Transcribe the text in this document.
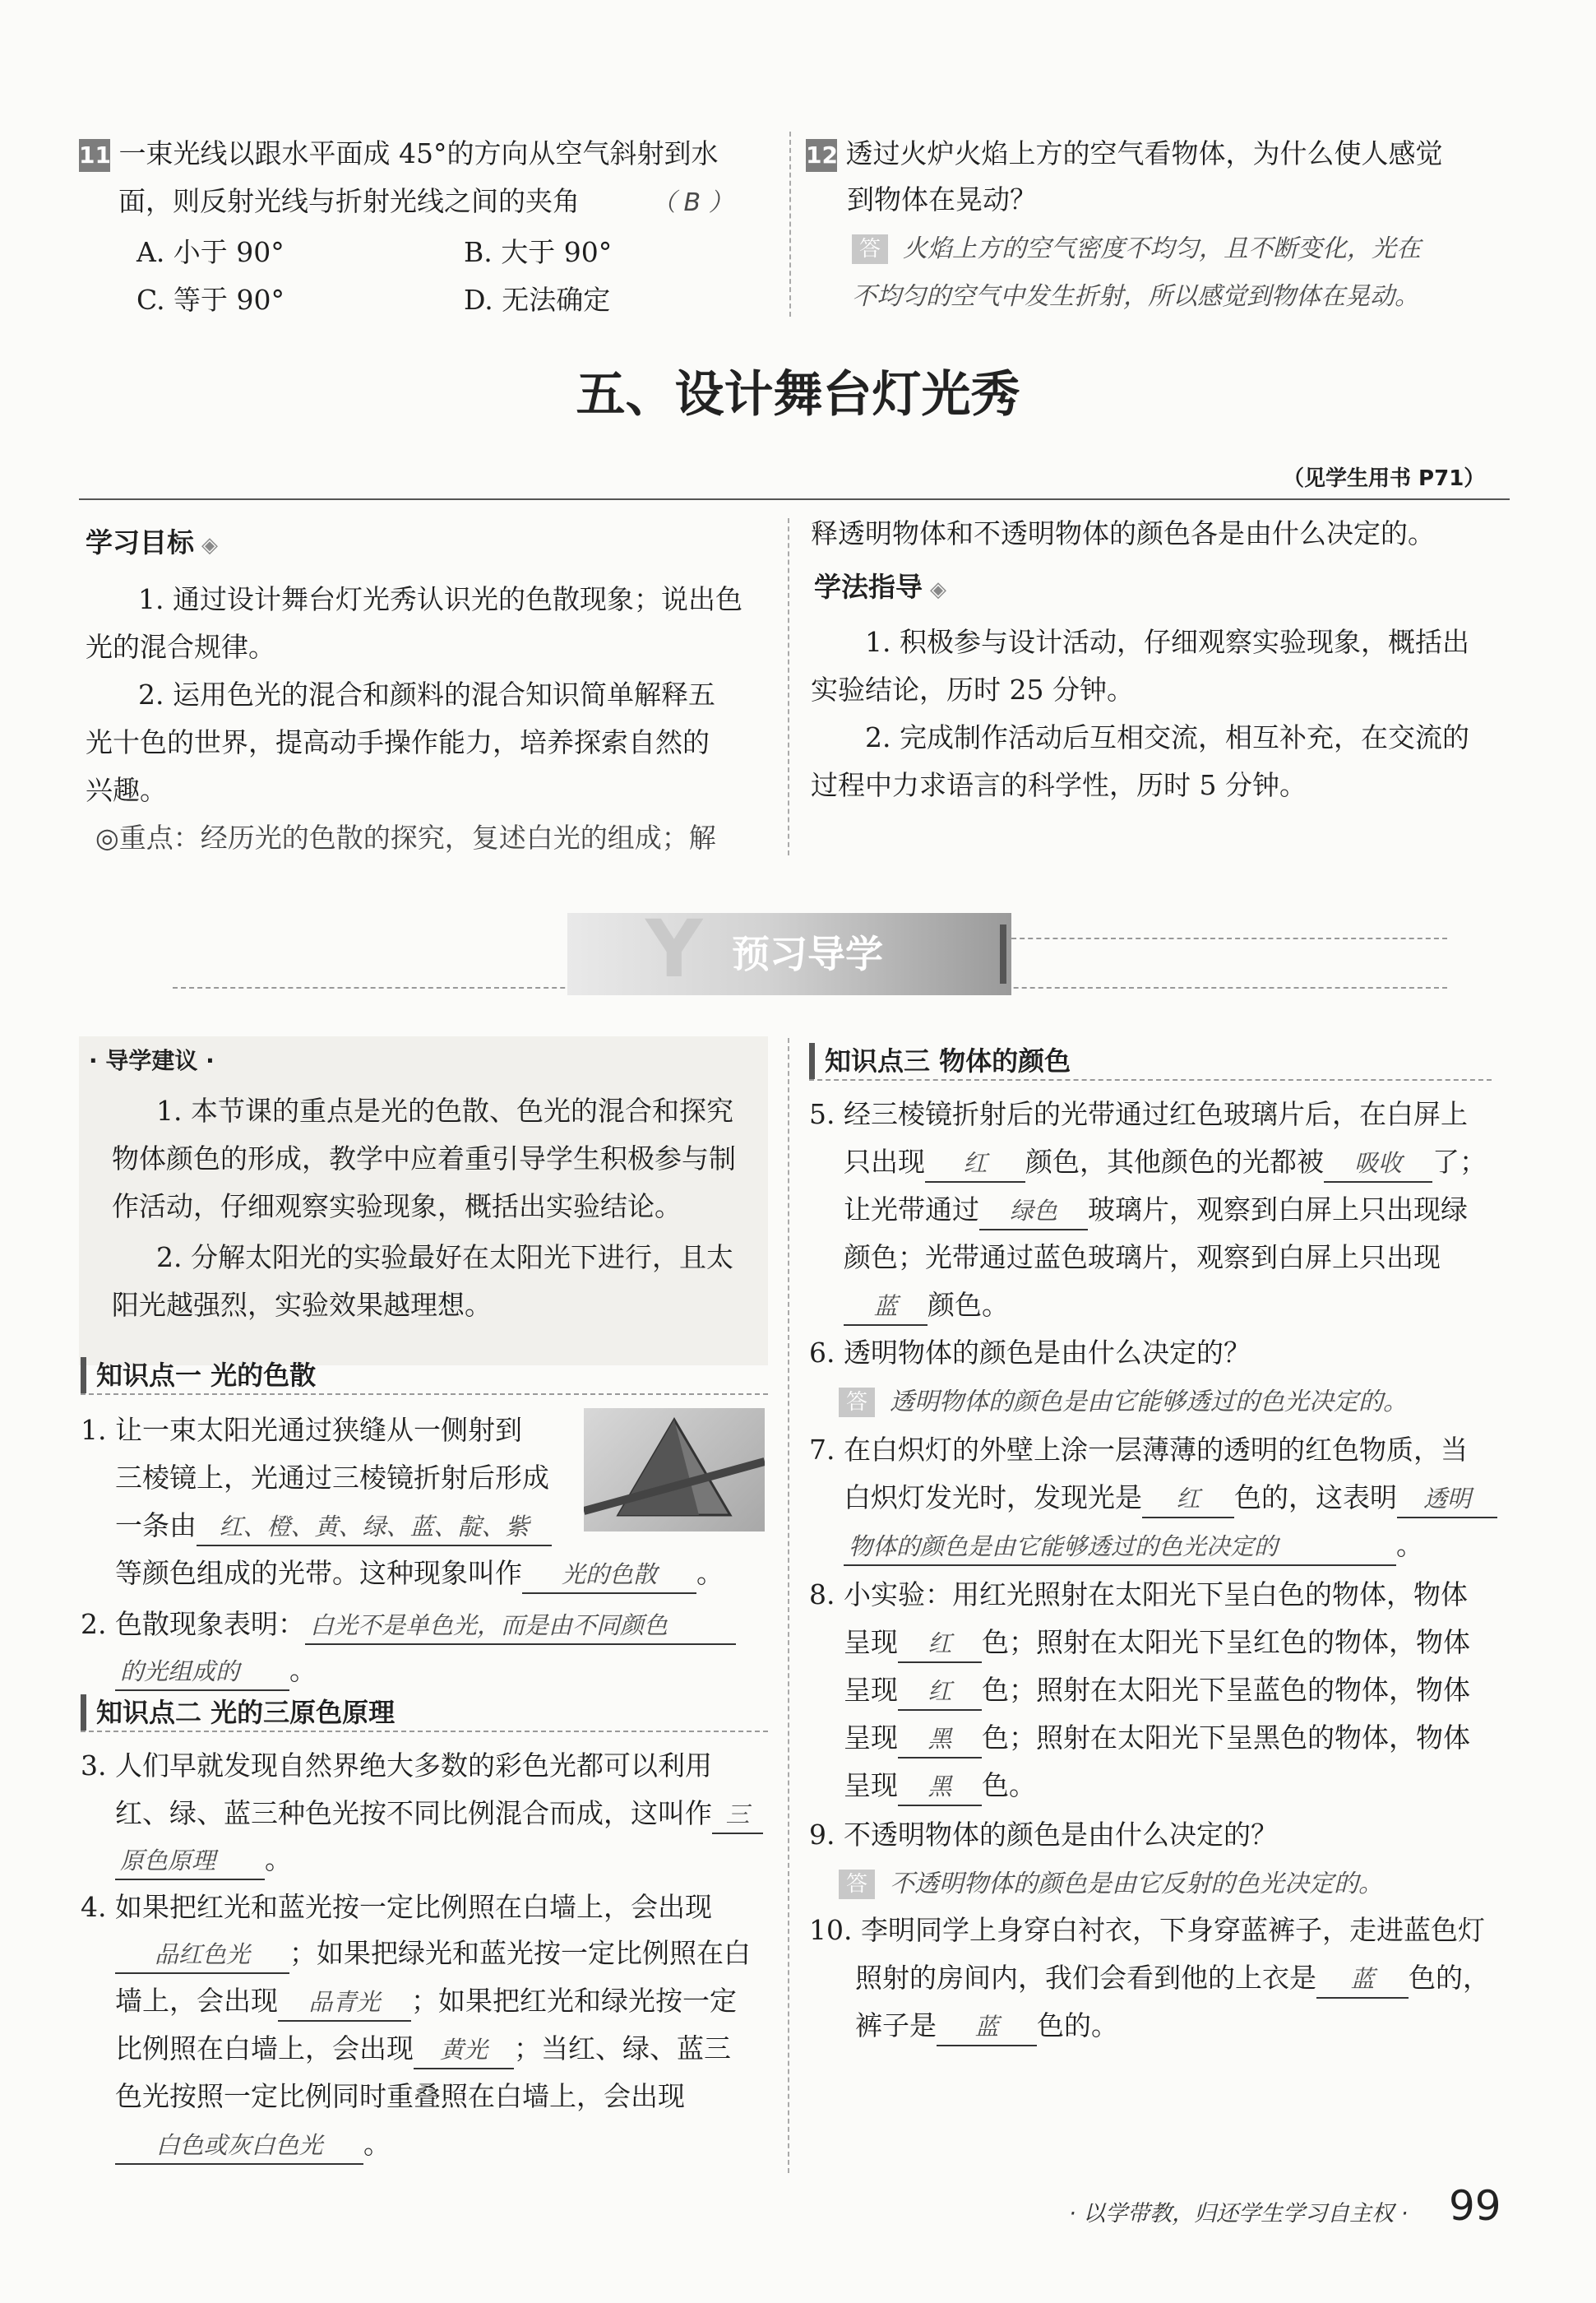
11 一束光线以跟水平面成 45°的方向从空气斜射到水
面，则反射光线与折射光线之间的夹角	（ B ）
A. 小于 90°	B. 大于 90°
C. 等于 90°	D. 无法确定
12 透过火炉火焰上方的空气看物体，为什么使人感觉
到物体在晃动？
答 火焰上方的空气密度不均匀，且不断变化，光在
不均匀的空气中发生折射，所以感觉到物体在晃动。
五、设计舞台灯光秀
（见学生用书 P71）
学习目标 ◈
1. 通过设计舞台灯光秀认识光的色散现象；说出色
光的混合规律。
2. 运用色光的混合和颜料的混合知识简单解释五
光十色的世界，提高动手操作能力，培养探索自然的
兴趣。
◎重点：经历光的色散的探究，复述白光的组成；解
释透明物体和不透明物体的颜色各是由什么决定的。
学法指导 ◈
1. 积极参与设计活动，仔细观察实验现象，概括出
实验结论，历时 25 分钟。
2. 完成制作活动后互相交流，相互补充，在交流的
过程中力求语言的科学性，历时 5 分钟。
Y 预习导学
· 导学建议 ·
1. 本节课的重点是光的色散、色光的混合和探究
物体颜色的形成，教学中应着重引导学生积极参与制
作活动，仔细观察实验现象，概括出实验结论。
2. 分解太阳光的实验最好在太阳光下进行，且太
阳光越强烈，实验效果越理想。
知识点一 光的色散
1. 让一束太阳光通过狭缝从一侧射到
三棱镜上，光通过三棱镜折射后形成
一条由 红、橙、黄、绿、蓝、靛、紫
等颜色组成的光带。这种现象叫作 光的色散 。
2. 色散现象表明： 白光不是单色光，而是由不同颜色
的光组成的 。
知识点二 光的三原色原理
3. 人们早就发现自然界绝大多数的彩色光都可以利用
红、绿、蓝三种色光按不同比例混合而成，这叫作 三
原色原理 。
4. 如果把红光和蓝光按一定比例照在白墙上，会出现
品红色光 ；如果把绿光和蓝光按一定比例照在白
墙上，会出现 品青光 ；如果把红光和绿光按一定
比例照在白墙上，会出现 黄光 ；当红、绿、蓝三
色光按照一定比例同时重叠照在白墙上，会出现
白色或灰白色光 。
知识点三 物体的颜色
5. 经三棱镜折射后的光带通过红色玻璃片后，在白屏上
只出现 红 颜色，其他颜色的光都被 吸收 了；
让光带通过 绿色 玻璃片，观察到白屏上只出现绿
颜色；光带通过蓝色玻璃片，观察到白屏上只出现
蓝 颜色。
6. 透明物体的颜色是由什么决定的？
答 透明物体的颜色是由它能够透过的色光决定的。
7. 在白炽灯的外壁上涂一层薄薄的透明的红色物质，当
白炽灯发光时，发现光是 红 色的，这表明 透明
物体的颜色是由它能够透过的色光决定的	。
8. 小实验：用红光照射在太阳光下呈白色的物体，物体
呈现 红 色；照射在太阳光下呈红色的物体，物体
呈现 红 色；照射在太阳光下呈蓝色的物体，物体
呈现 黑 色；照射在太阳光下呈黑色的物体，物体
呈现 黑 色。
9. 不透明物体的颜色是由什么决定的？
答 不透明物体的颜色是由它反射的色光决定的。
10. 李明同学上身穿白衬衣，下身穿蓝裤子，走进蓝色灯
照射的房间内，我们会看到他的上衣是 蓝 色的，
裤子是 蓝 色的。
· 以学带教，归还学生学习自主权 · 99
